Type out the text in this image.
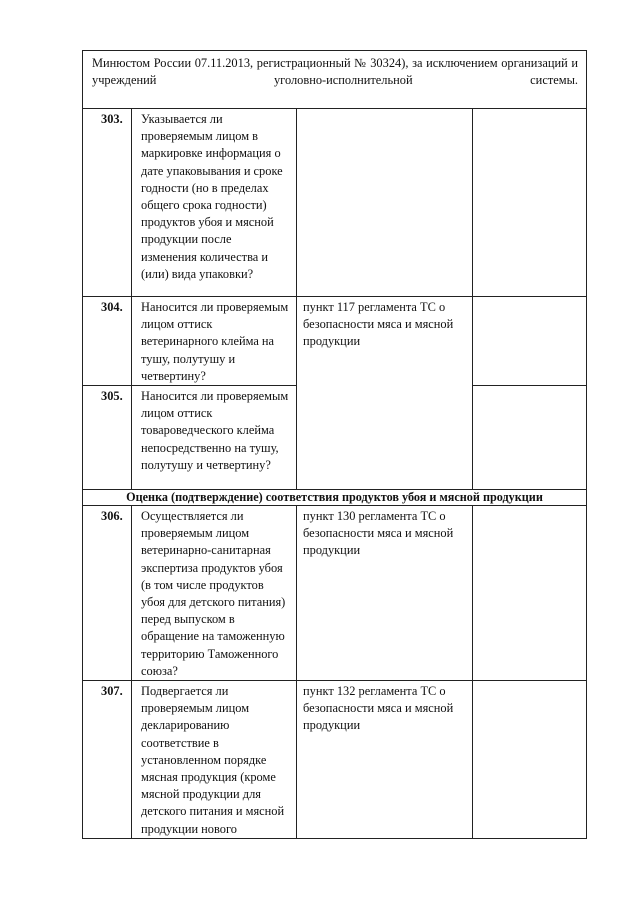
Минюстом России 07.11.2013, регистрационный № 30324), за исключением организаций и учреждений уголовно-исполнительной системы.			
303.	Указывается ли проверяемым лицом в маркировке информация о дате упаковывания и сроке годности (но в пределах общего срока годности) продуктов убоя и мясной продукции после изменения количества и (или) вида упаковки?		
304.	Наносится ли проверяемым лицом оттиск ветеринарного клейма на тушу, полутушу и четвертину?	пункт 117 регламента ТС о безопасности мяса и мясной продукции	
305.	Наносится ли проверяемым лицом оттиск товароведческого клейма непосредственно на тушу, полутушу и четвертину?		
Оценка (подтверждение) соответствия продуктов убоя и мясной продукции			
306.	Осуществляется ли проверяемым лицом ветеринарно-санитарная экспертиза продуктов убоя (в том числе продуктов убоя для детского питания) перед выпуском в обращение на таможенную территорию Таможенного союза?	пункт 130 регламента ТС о безопасности мяса и мясной продукции	
307.	Подвергается ли проверяемым лицом декларированию соответствие в установленном порядке мясная продукция (кроме мясной продукции для детского питания и мясной продукции нового	пункт 132 регламента ТС о безопасности мяса и мясной продукции	
